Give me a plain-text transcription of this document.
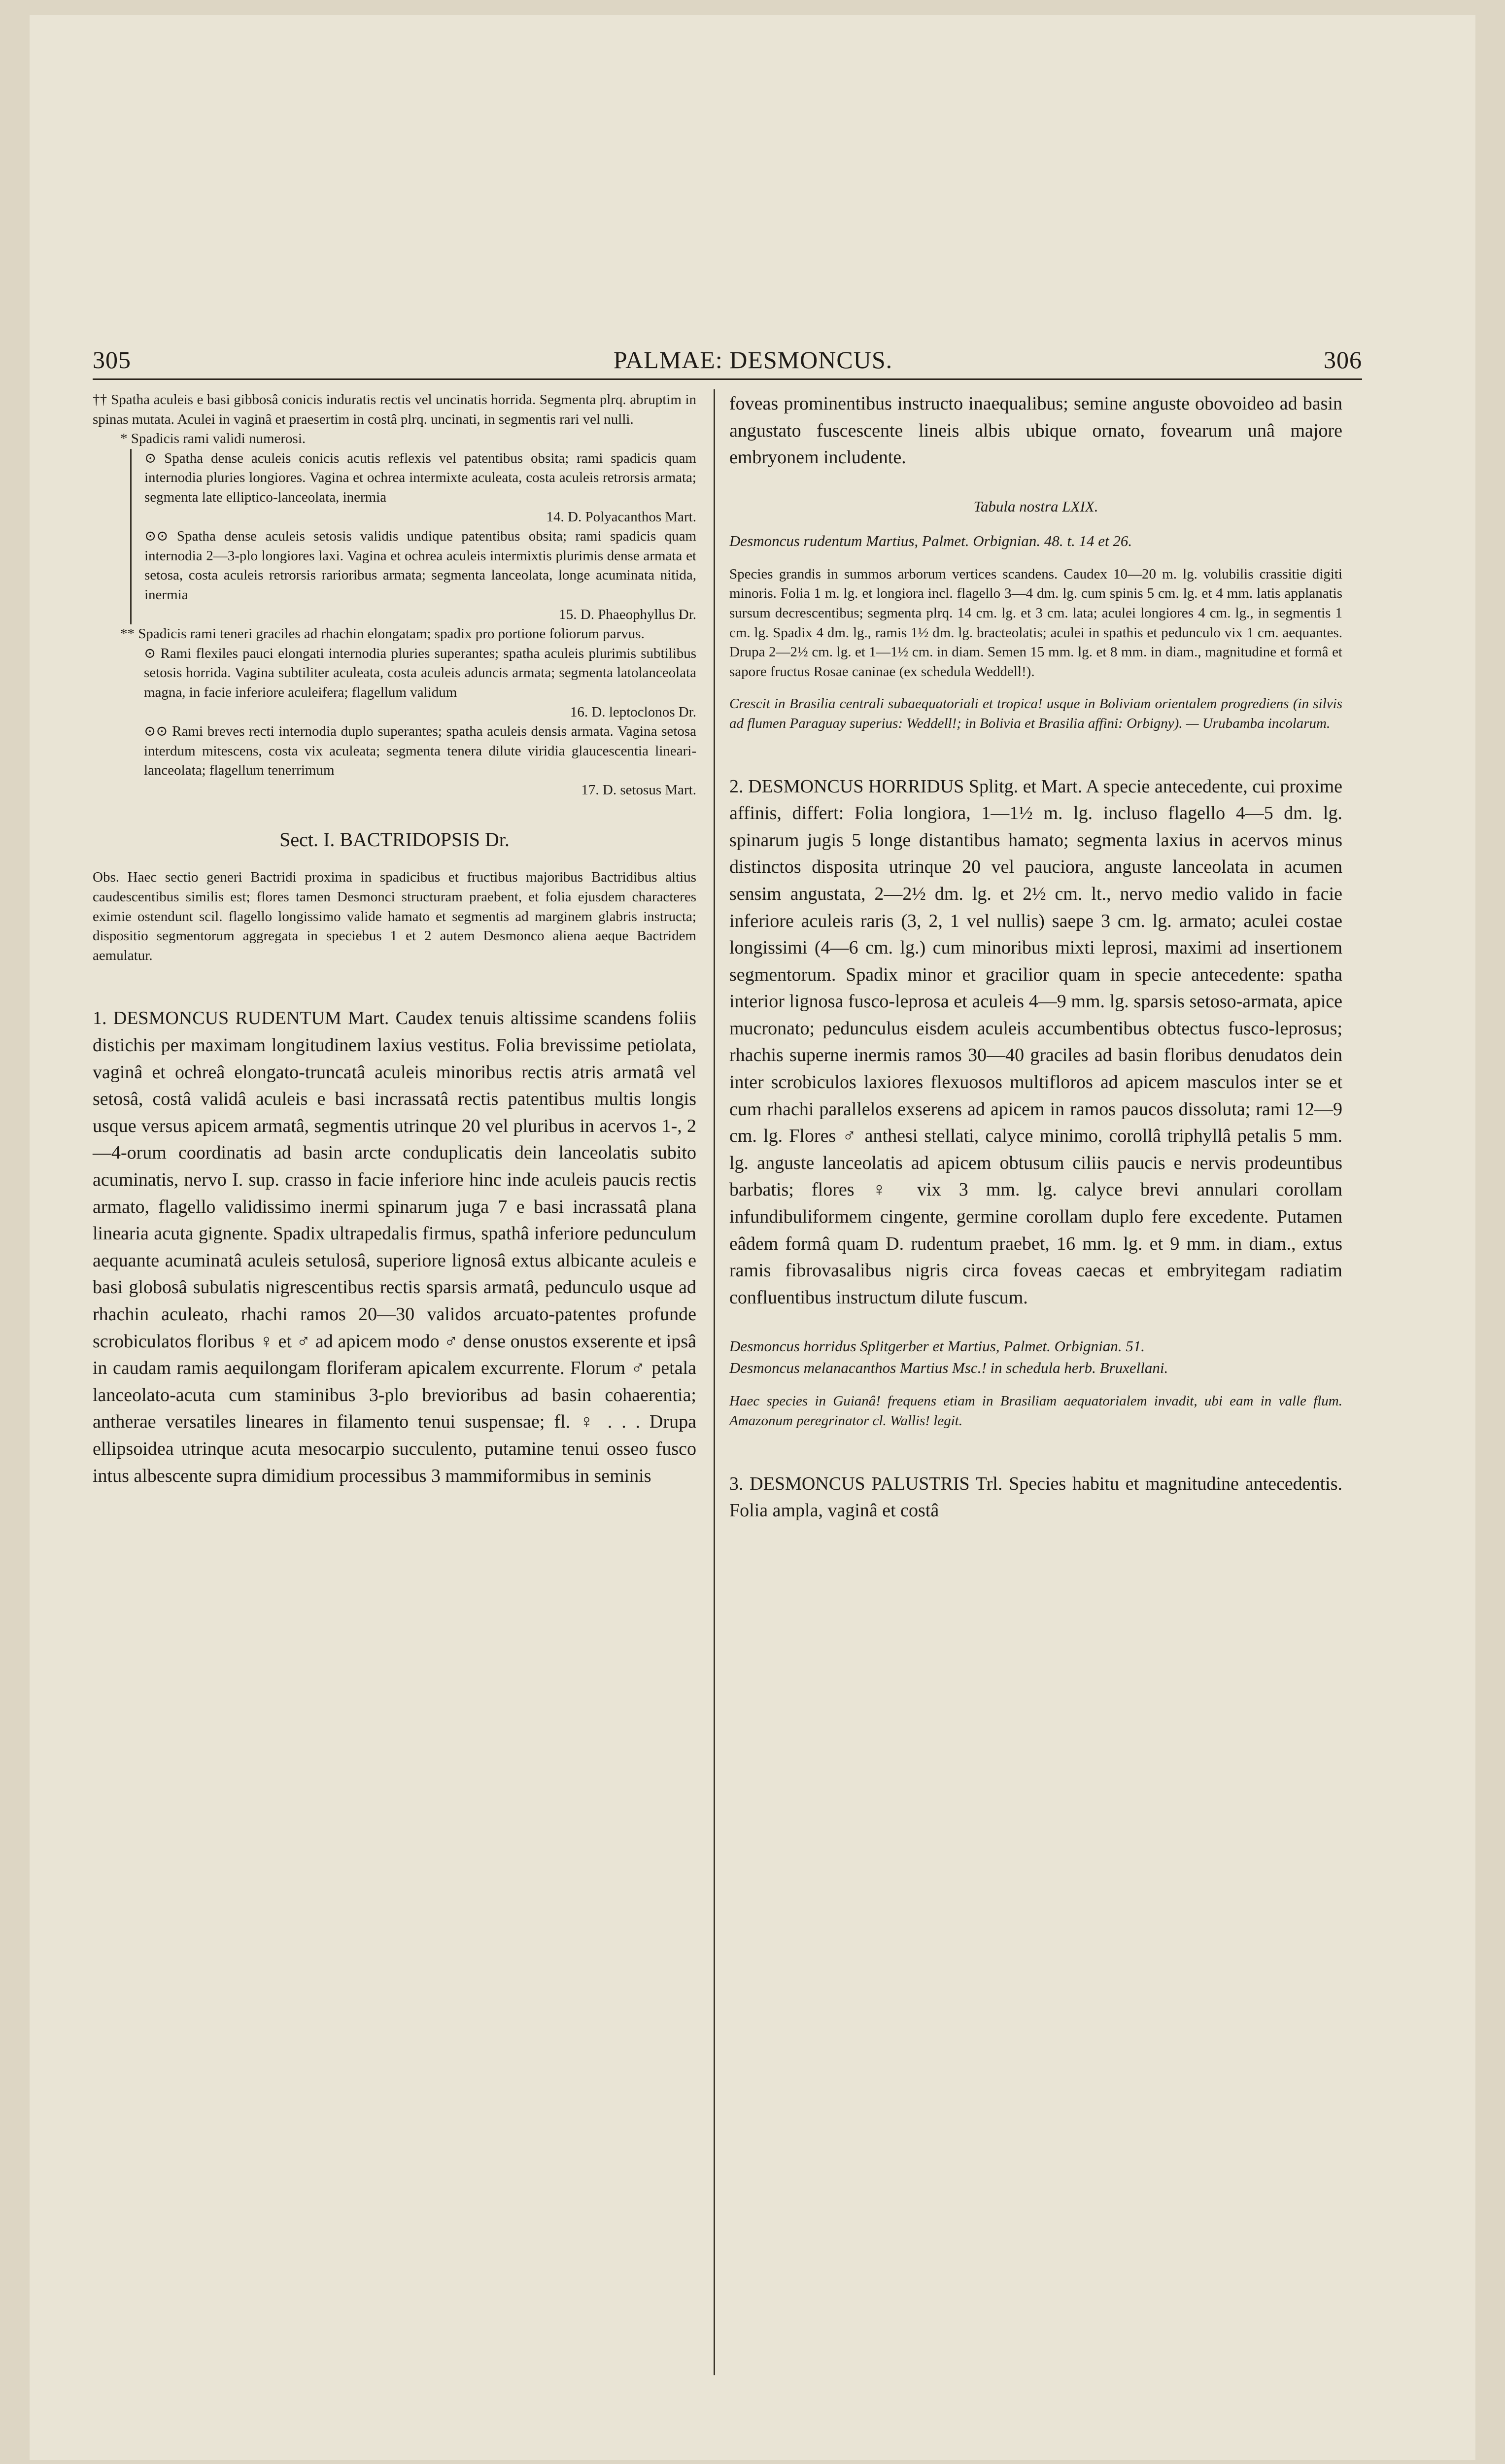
305	PALMAE: DESMONCUS.	306

†† Spatha aculeis e basi gibbosâ conicis induratis rectis vel uncinatis horrida. Segmenta plrq. abruptim in spinas mutata. Aculei in vaginâ et praesertim in costâ plrq. uncinati, in segmentis rari vel nulli.

* Spadicis rami validi numerosi.

⊙ Spatha dense aculeis conicis acutis reflexis vel patentibus obsita; rami spadicis quam internodia pluries longiores. Vagina et ochrea intermixte aculeata, costa aculeis retrorsis armata; segmenta late elliptico-lanceolata, inermia

14. D. Polyacanthos Mart.

⊙⊙ Spatha dense aculeis setosis validis undique patentibus obsita; rami spadicis quam internodia 2—3-plo longiores laxi. Vagina et ochrea aculeis intermixtis plurimis dense armata et setosa, costa aculeis retrorsis rarioribus armata; segmenta lanceolata, longe acuminata nitida, inermia

15. D. Phaeophyllus Dr.

** Spadicis rami teneri graciles ad rhachin elongatam; spadix pro portione foliorum parvus.

⊙ Rami flexiles pauci elongati internodia pluries superantes; spatha aculeis plurimis subtilibus setosis horrida. Vagina subtiliter aculeata, costa aculeis aduncis armata; segmenta latolanceolata magna, in facie inferiore aculeifera; flagellum validum

16. D. leptoclonos Dr.

⊙⊙ Rami breves recti internodia duplo superantes; spatha aculeis densis armata. Vagina setosa interdum mitescens, costa vix aculeata; segmenta tenera dilute viridia glaucescentia lineari-lanceolata; flagellum tenerrimum

17. D. setosus Mart.

Sect. I. BACTRIDOPSIS Dr.

Obs. Haec sectio generi Bactridi proxima in spadicibus et fructibus majoribus Bactridibus altius caudescentibus similis est; flores tamen Desmonci structuram praebent, et folia ejusdem characteres eximie ostendunt scil. flagello longissimo valide hamato et segmentis ad marginem glabris instructa; dispositio segmentorum aggregata in speciebus 1 et 2 autem Desmonco aliena aeque Bactridem aemulatur.

1. DESMONCUS RUDENTUM Mart. Caudex tenuis altissime scandens foliis distichis per maximam longitudinem laxius vestitus. Folia brevissime petiolata, vaginâ et ochreâ elongato-truncatâ aculeis minoribus rectis atris armatâ vel setosâ, costâ validâ aculeis e basi incrassatâ rectis patentibus multis longis usque versus apicem armatâ, segmentis utrinque 20 vel pluribus in acervos 1-, 2—4-orum coordinatis ad basin arcte conduplicatis dein lanceolatis subito acuminatis, nervo I. sup. crasso in facie inferiore hinc inde aculeis paucis rectis armato, flagello validissimo inermi spinarum juga 7 e basi incrassatâ plana linearia acuta gignente. Spadix ultrapedalis firmus, spathâ inferiore pedunculum aequante acuminatâ aculeis setulosâ, superiore lignosâ extus albicante aculeis e basi globosâ subulatis nigrescentibus rectis sparsis armatâ, pedunculo usque ad rhachin aculeato, rhachi ramos 20—30 validos arcuato-patentes profunde scrobiculatos floribus ♀ et ♂ ad apicem modo ♂ dense onustos exserente et ipsâ in caudam ramis aequilongam floriferam apicalem excurrente. Florum ♂ petala lanceolato-acuta cum staminibus 3-plo brevioribus ad basin cohaerentia; antherae versatiles lineares in filamento tenui suspensae; fl. ♀ . . . Drupa ellipsoidea utrinque acuta mesocarpio succulento, putamine tenui osseo fusco intus albescente supra dimidium processibus 3 mammiformibus in seminis

foveas prominentibus instructo inaequalibus; semine anguste obovoideo ad basin angustato fuscescente lineis albis ubique ornato, fovearum unâ majore embryonem includente.

Tabula nostra LXIX.

Desmoncus rudentum Martius, Palmet. Orbignian. 48. t. 14 et 26.

Species grandis in summos arborum vertices scandens. Caudex 10—20 m. lg. volubilis crassitie digiti minoris. Folia 1 m. lg. et longiora incl. flagello 3—4 dm. lg. cum spinis 5 cm. lg. et 4 mm. latis applanatis sursum decrescentibus; segmenta plrq. 14 cm. lg. et 3 cm. lata; aculei longiores 4 cm. lg., in segmentis 1 cm. lg. Spadix 4 dm. lg., ramis 1½ dm. lg. bracteolatis; aculei in spathis et pedunculo vix 1 cm. aequantes. Drupa 2—2½ cm. lg. et 1—1½ cm. in diam. Semen 15 mm. lg. et 8 mm. in diam., magnitudine et formâ et sapore fructus Rosae caninae (ex schedula Weddell!).

Crescit in Brasilia centrali subaequatoriali et tropica! usque in Boliviam orientalem progrediens (in silvis ad flumen Paraguay superius: Weddell!; in Bolivia et Brasilia affini: Orbigny). — Urubamba incolarum.

2. DESMONCUS HORRIDUS Splitg. et Mart. A specie antecedente, cui proxime affinis, differt: Folia longiora, 1—1½ m. lg. incluso flagello 4—5 dm. lg. spinarum jugis 5 longe distantibus hamato; segmenta laxius in acervos minus distinctos disposita utrinque 20 vel pauciora, anguste lanceolata in acumen sensim angustata, 2—2½ dm. lg. et 2½ cm. lt., nervo medio valido in facie inferiore aculeis raris (3, 2, 1 vel nullis) saepe 3 cm. lg. armato; aculei costae longissimi (4—6 cm. lg.) cum minoribus mixti leprosi, maximi ad insertionem segmentorum. Spadix minor et gracilior quam in specie antecedente: spatha interior lignosa fusco-leprosa et aculeis 4—9 mm. lg. sparsis setoso-armata, apice mucronato; pedunculus eisdem aculeis accumbentibus obtectus fusco-leprosus; rhachis superne inermis ramos 30—40 graciles ad basin floribus denudatos dein inter scrobiculos laxiores flexuosos multifloros ad apicem masculos inter se et cum rhachi parallelos exserens ad apicem in ramos paucos dissoluta; rami 12—9 cm. lg. Flores ♂ anthesi stellati, calyce minimo, corollâ triphyllâ petalis 5 mm. lg. anguste lanceolatis ad apicem obtusum ciliis paucis e nervis prodeuntibus barbatis; flores ♀ vix 3 mm. lg. calyce brevi annulari corollam infundibuliformem cingente, germine corollam duplo fere excedente. Putamen eâdem formâ quam D. rudentum praebet, 16 mm. lg. et 9 mm. in diam., extus ramis fibrovasalibus nigris circa foveas caecas et embryitegam radiatim confluentibus instructum dilute fuscum.

Desmoncus horridus Splitgerber et Martius, Palmet. Orbignian. 51.

Desmoncus melanacanthos Martius Msc.! in schedula herb. Bruxellani.

Haec species in Guianâ! frequens etiam in Brasiliam aequatorialem invadit, ubi eam in valle flum. Amazonum peregrinator cl. Wallis! legit.

3. DESMONCUS PALUSTRIS Trl. Species habitu et magnitudine antecedentis. Folia ampla, vaginâ et costâ
